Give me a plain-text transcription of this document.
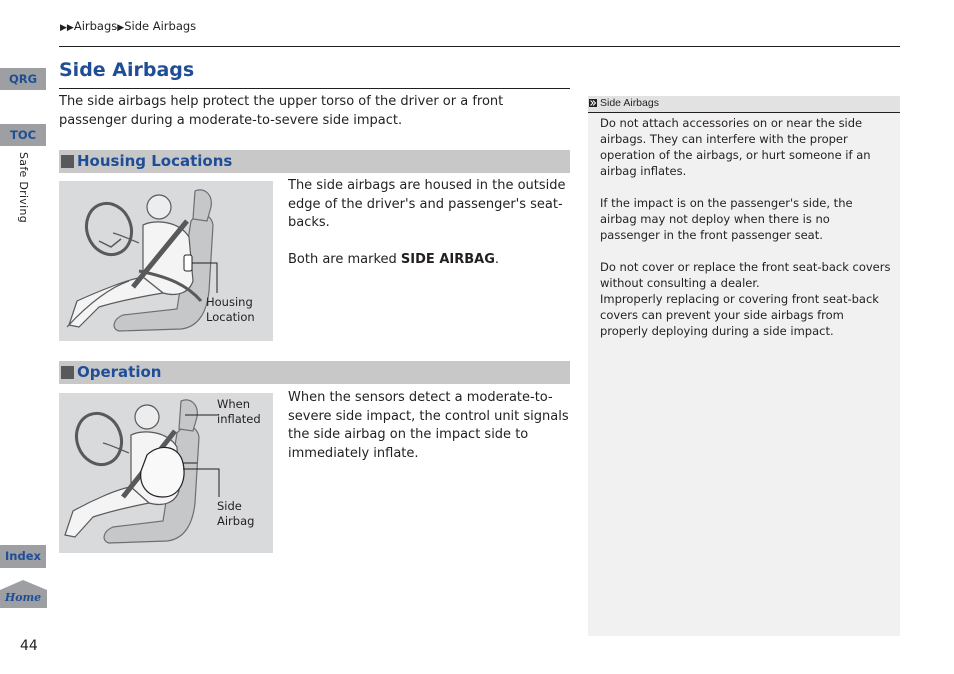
▶▶Airbags▶Side Airbags
QRG
TOC
Safe Driving
Index
Home
44
Side Airbags
The side airbags help protect the upper torso of the driver or a front passenger during a moderate-to-severe side impact.
Housing Locations
Housing
Location
The side airbags are housed in the outside edge of the driver's and passenger's seat-backs.
Both are marked SIDE AIRBAG.
Operation
When
inflated
Side
Airbag
When the sensors detect a moderate-to-severe side impact, the control unit signals the side airbag on the impact side to immediately inflate.
Side Airbags

Do not attach accessories on or near the side airbags. They can interfere with the proper operation of the airbags, or hurt someone if an airbag inflates.

If the impact is on the passenger's side, the airbag may not deploy when there is no passenger in the front passenger seat.

Do not cover or replace the front seat-back covers without consulting a dealer.

Improperly replacing or covering front seat-back covers can prevent your side airbags from properly deploying during a side impact.
